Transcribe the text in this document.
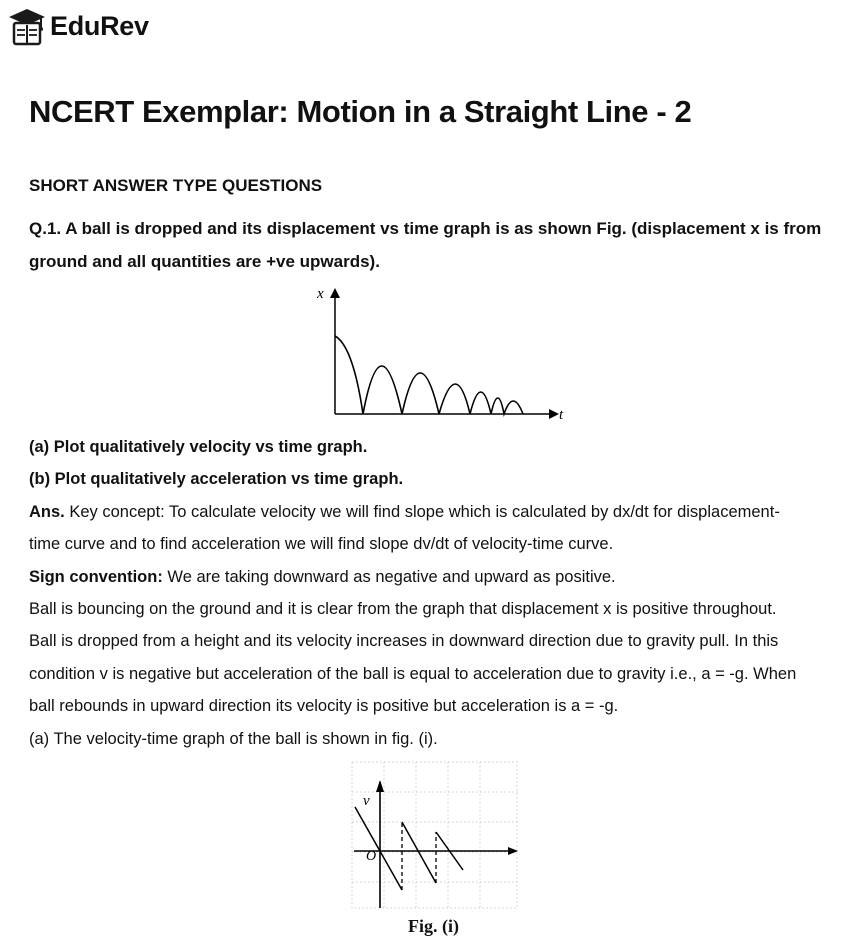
EduRev
NCERT Exemplar: Motion in a Straight Line - 2
SHORT ANSWER TYPE QUESTIONS

Q.1. A ball is dropped and its displacement vs time graph is as shown Fig. (displacement x is from ground and all quantities are +ve upwards).

x
t

(a) Plot qualitatively velocity vs time graph.

(b) Plot qualitatively acceleration vs time graph.

Ans. Key concept: To calculate velocity we will find slope which is calculated by dx/dt for displacement-

time curve and to find acceleration we will find slope dv/dt of velocity-time curve.

Sign convention: We are taking downward as negative and upward as positive.

Ball is bouncing on the ground and it is clear from the graph that displacement x is positive throughout.

Ball is dropped from a height and its velocity increases in downward direction due to gravity pull. In this

condition v is negative but acceleration of the ball is equal to acceleration due to gravity i.e., a = -g. When

ball rebounds in upward direction its velocity is positive but acceleration is a = -g.

(a) The velocity-time graph of the ball is shown in fig. (i).

v
O
Fig. (i)
